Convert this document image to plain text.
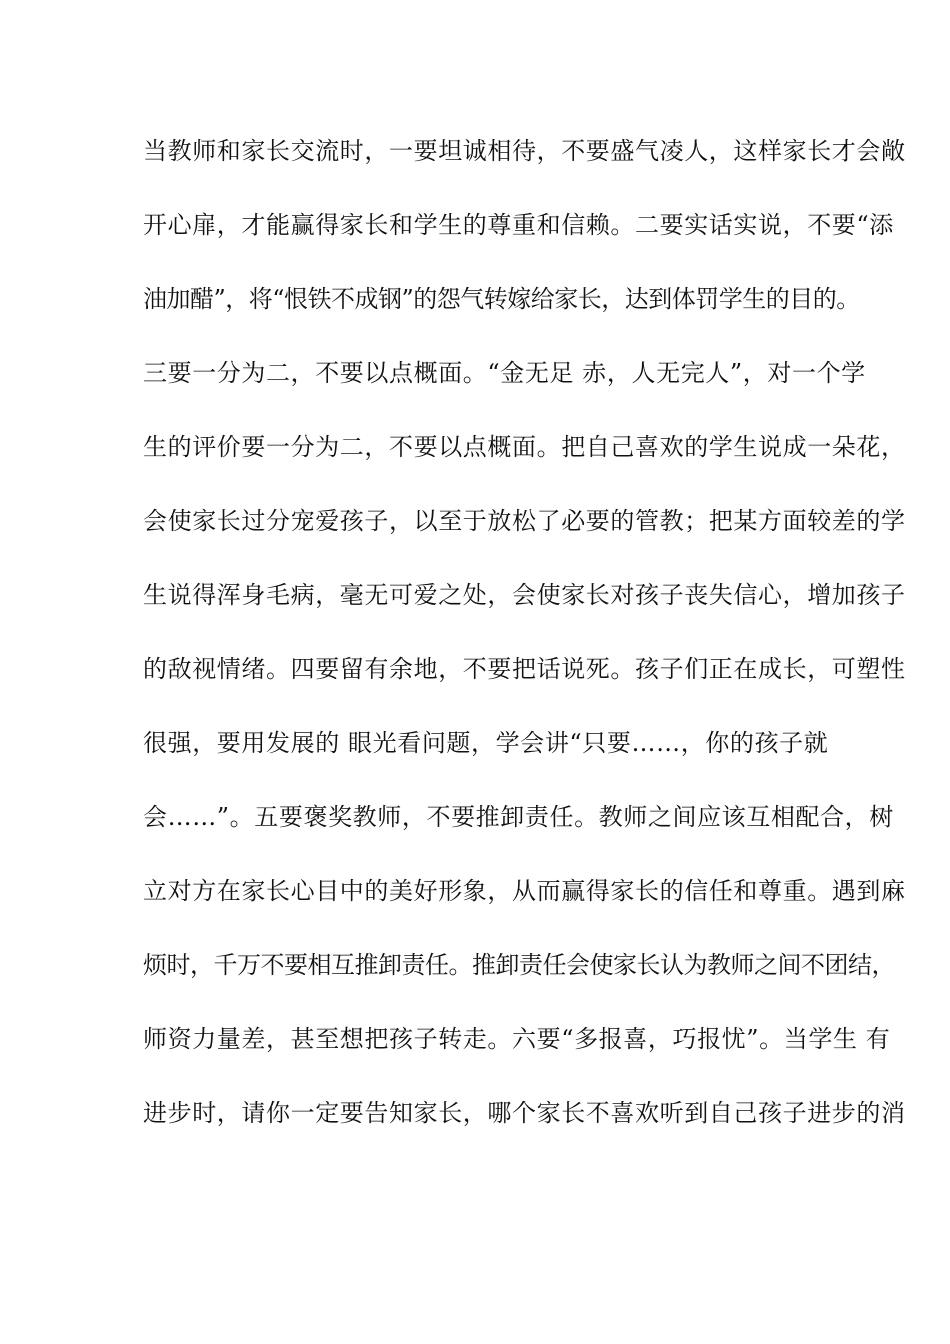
当教师和家长交流时，一要坦诚相待，不要盛气凌人，这样家长才会敞
开心扉，才能赢得家长和学生的尊重和信赖。二要实话实说，不要“添
油加醋”，将“恨铁不成钢”的怨气转嫁给家长，达到体罚学生的目的。
三要一分为二，不要以点概面。“金无足 赤，人无完人”，对一个学
生的评价要一分为二，不要以点概面。把自己喜欢的学生说成一朵花，
会使家长过分宠爱孩子，以至于放松了必要的管教；把某方面较差的学
生说得浑身毛病，毫无可爱之处，会使家长对孩子丧失信心，增加孩子
的敌视情绪。四要留有余地，不要把话说死。孩子们正在成长，可塑性
很强，要用发展的 眼光看问题，学会讲“只要……，你的孩子就
会……”。五要褒奖教师，不要推卸责任。教师之间应该互相配合，树
立对方在家长心目中的美好形象，从而赢得家长的信任和尊重。遇到麻
烦时，千万不要相互推卸责任。推卸责任会使家长认为教师之间不团结，
师资力量差，甚至想把孩子转走。六要“多报喜，巧报忧”。当学生 有
进步时，请你一定要告知家长，哪个家长不喜欢听到自己孩子进步的消
